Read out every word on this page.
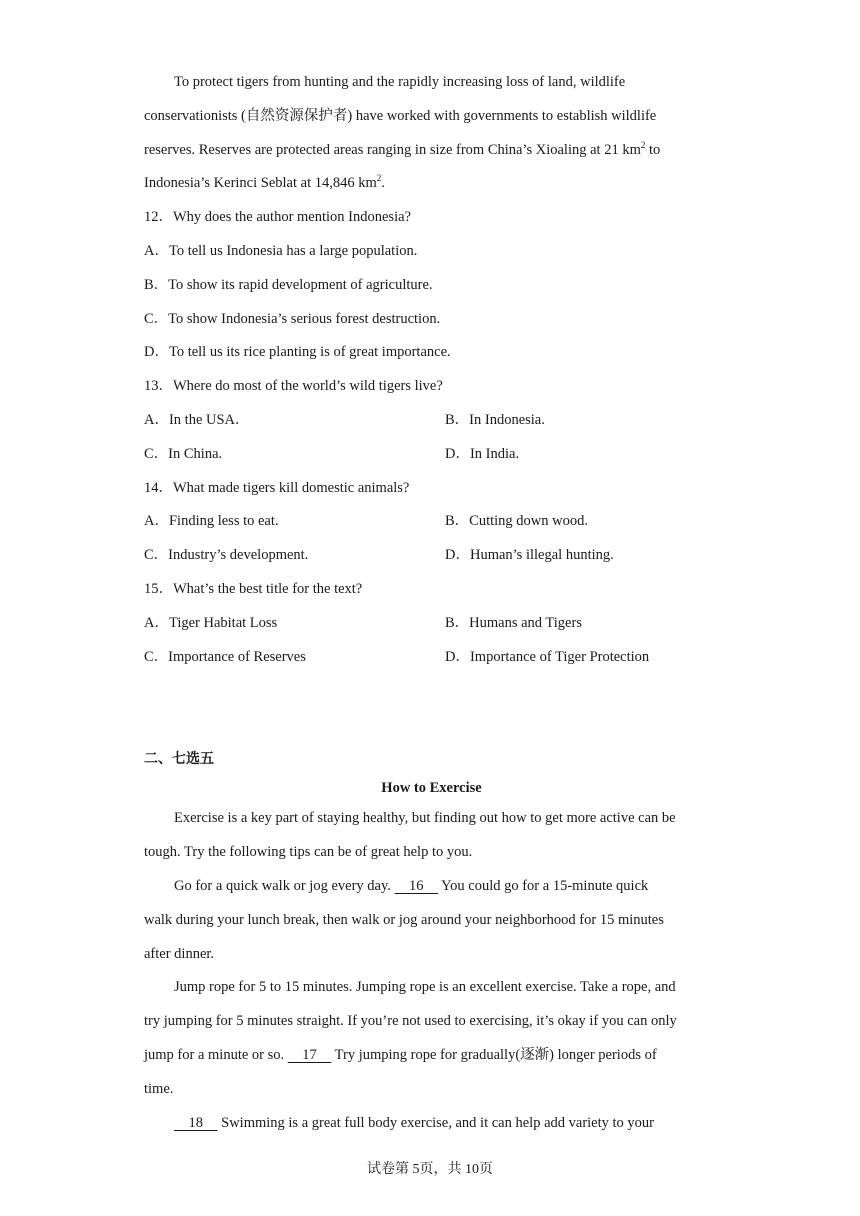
To protect tigers from hunting and the rapidly increasing loss of land, wildlife
conservationists (自然资源保护者) have worked with governments to establish wildlife
reserves. Reserves are protected areas ranging in size from China’s Xioaling at 21 $km^2$ to
Indonesia’s Kerinci Seblat at 14,846 $km^2$.
12．Why does the author mention Indonesia?
A．To tell us Indonesia has a large population.
B．To show its rapid development of agriculture.
C．To show Indonesia’s serious forest destruction.
D．To tell us its rice planting is of great importance.
13．Where do most of the world’s wild tigers live?
A．In the USA．	B．In Indonesia.
C．In China.	D．In India.
14．What made tigers kill domestic animals?
A．Finding less to eat.	B．Cutting down wood.
C．Industry’s development.	D．Human’s illegal hunting.
15．What’s the best title for the text?
A．Tiger Habitat Loss	B．Humans and Tigers
C．Importance of Reserves	D．Importance of Tiger Protection
二、七选五
How to Exercise
Exercise is a key part of staying healthy, but finding out how to get more active can be
tough. Try the following tips can be of great help to you.
Go for a quick walk or jog every day.     16     You could go for a 15-minute quick
walk during your lunch break, then walk or jog around your neighborhood for 15 minutes
after dinner.
Jump rope for 5 to 15 minutes. Jumping rope is an excellent exercise. Take a rope, and
try jumping for 5 minutes straight. If you’re not used to exercising, it’s okay if you can only
jump for a minute or so.     17     Try jumping rope for gradually(逐渐) longer periods of
time.
18     Swimming is a great full body exercise, and it can help add variety to your
试卷第 5页，共 10页
